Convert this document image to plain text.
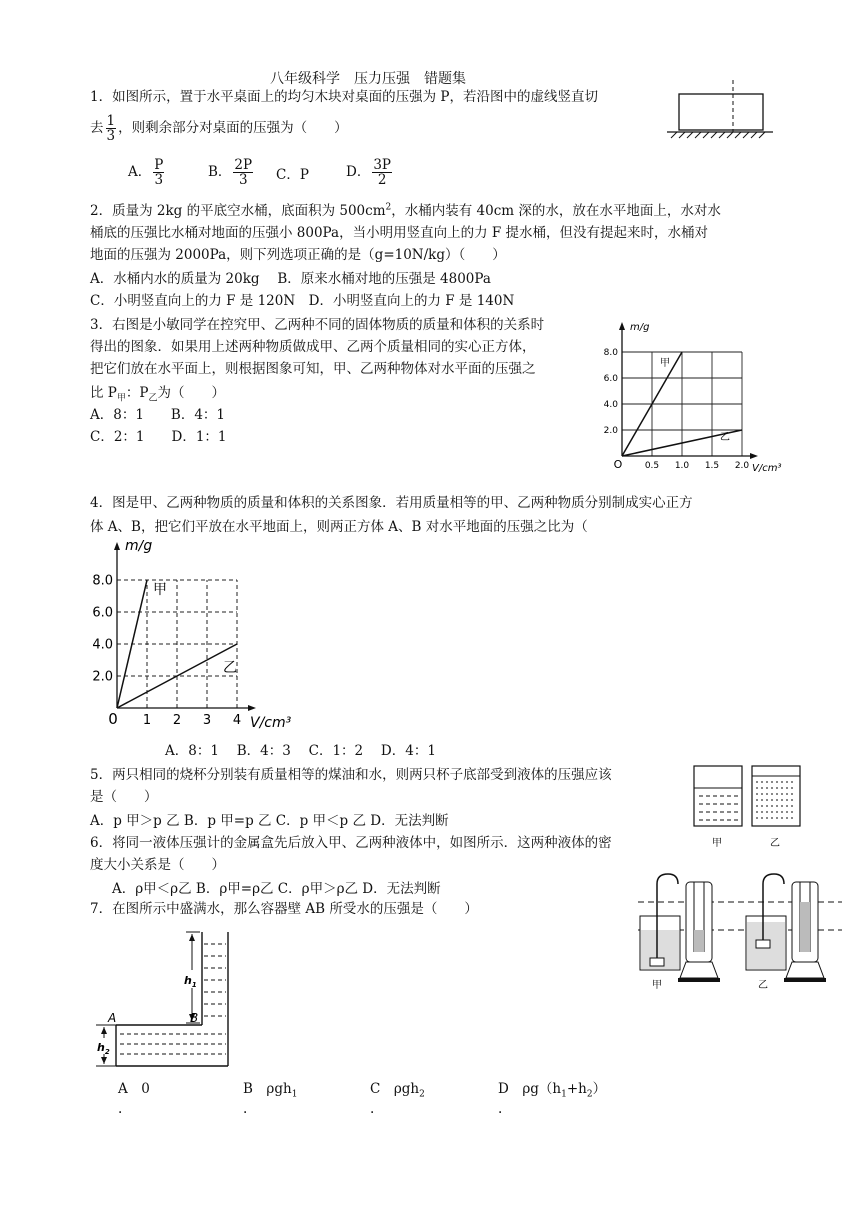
八年级科学　压力压强　错题集
1．如图所示，置于水平桌面上的均匀木块对桌面的压强为 P，若沿图中的虚线竖直切
去 $\frac{1}{3}$ ，则剩余部分对桌面的压强为（　　）
A． $\frac{P}{3}$	B． $\frac{2P}{3}$ C．P	D． $\frac{3P}{2}$
2．质量为 2kg 的平底空水桶，底面积为 $500cm^2$，水桶内装有 40cm 深的水，放在水平地面上，水对水
桶底的压强比水桶对地面的压强小 800Pa，当小明用竖直向上的力 F 提水桶，但没有提起来时，水桶对
地面的压强为 2000Pa，则下列选项正确的是（g=10N/kg）（　　）
A．水桶内水的质量为 20kg　 B．原来水桶对地的压强是 4800Pa
C．小明竖直向上的力 F 是 120N　D．小明竖直向上的力 F 是 140N
3．右图是小敏同学在控究甲、乙两种不同的固体物质的质量和体积的关系时
得出的图象．如果用上述两种物质做成甲、乙两个质量相同的实心正方体，
把它们放在水平面上，则根据图象可知，甲、乙两种物体对水平面的压强之
比 $P_甲$：$P_乙$为（　　）
A．8：1　　B．4：1
C．2：1　　D．1：1
0.5 1.0 1.5 2.0
2.0
4.0
6.0
8.0
m/g
V/cm³
O
甲
乙
4．图是甲、乙两种物质的质量和体积的关系图象．若用质量相等的甲、乙两种物质分别制成实心正方
体 A、B，把它们平放在水平地面上，则两正方体 A、B 对水平地面的压强之比为（
1 2 3 4
2.0
4.0
6.0
8.0
m/g
V/cm³
0
甲
乙
A．8：1　 B．4：3　 C．1：2　 D．4：1
5．两只相同的烧杯分别装有质量相等的煤油和水，则两只杯子底部受到液体的压强应该
是（　　）
A．p 甲＞p 乙 B．p 甲=p 乙 C．p 甲＜p 乙 D．无法判断
甲	乙
6．将同一液体压强计的金属盒先后放入甲、乙两种液体中，如图所示．这两种液体的密
度大小关系是（　　）
A．ρ甲＜ρ乙 B．ρ甲=ρ乙 C．ρ甲＞ρ乙 D．无法判断
甲	乙
7．在图所示中盛满水，那么容器壁 AB 所受水的压强是（　　）
$h_1$
$h_2$
A	B
A　 0	B　 ρgh$_1$	C　 ρgh$_2$	D　 $\rho g(h_1+h_2)$
.	.	.	.
